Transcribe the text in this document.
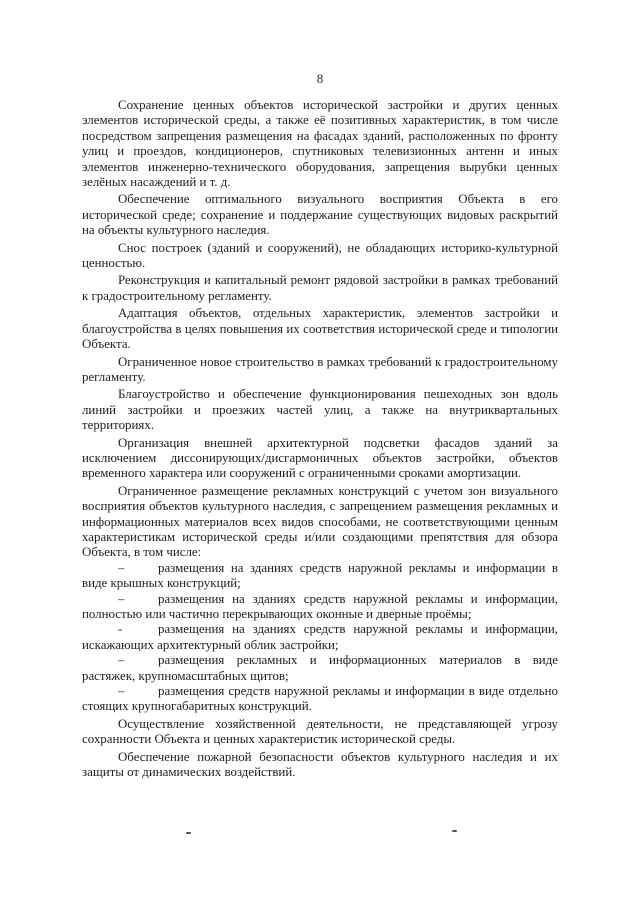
8

Сохранение ценных объектов исторической застройки и других ценных элементов исторической среды, а также её позитивных характеристик, в том числе посредством запрещения размещения на фасадах зданий, расположенных по фронту улиц и проездов, кондиционеров, спутниковых телевизионных антенн и иных элементов инженерно-технического оборудования, запрещения вырубки ценных зелёных насаждений и т. д.

Обеспечение оптимального визуального восприятия Объекта в его исторической среде; сохранение и поддержание существующих видовых раскрытий на объекты культурного наследия.

Снос построек (зданий и сооружений), не обладающих историко-культурной ценностью.

Реконструкция и капитальный ремонт рядовой застройки в рамках требований к градостроительному регламенту.

Адаптация объектов, отдельных характеристик, элементов застройки и благоустройства в целях повышения их соответствия исторической среде и типологии Объекта.

Ограниченное новое строительство в рамках требований к градостроительному регламенту.

Благоустройство и обеспечение функционирования пешеходных зон вдоль линий застройки и проезжих частей улиц, а также на внутриквартальных территориях.

Организация внешней архитектурной подсветки фасадов зданий за исключением диссонирующих/дисгармоничных объектов застройки, объектов временного характера или сооружений с ограниченными сроками амортизации.

Ограниченное размещение рекламных конструкций с учетом зон визуального восприятия объектов культурного наследия, с запрещением размещения рекламных и информационных материалов всех видов способами, не соответствующими ценным характеристикам исторической среды и/или создающими препятствия для обзора Объекта, в том числе:

–	размещения на зданиях средств наружной рекламы и информации в виде крышных конструкций;

–	размещения на зданиях средств наружной рекламы и информации, полностью или частично перекрывающих оконные и дверные проёмы;

-	размещения на зданиях средств наружной рекламы и информации, искажающих архитектурный облик застройки;

–	размещения рекламных и информационных материалов в виде растяжек, крупномасштабных щитов;

–	размещения средств наружной рекламы и информации в виде отдельно стоящих крупногабаритных конструкций.

Осуществление хозяйственной деятельности, не представляющей угрозу сохранности Объекта и ценных характеристик исторической среды.

Обеспечение пожарной безопасности объектов культурного наследия и их защиты от динамических воздействий.
